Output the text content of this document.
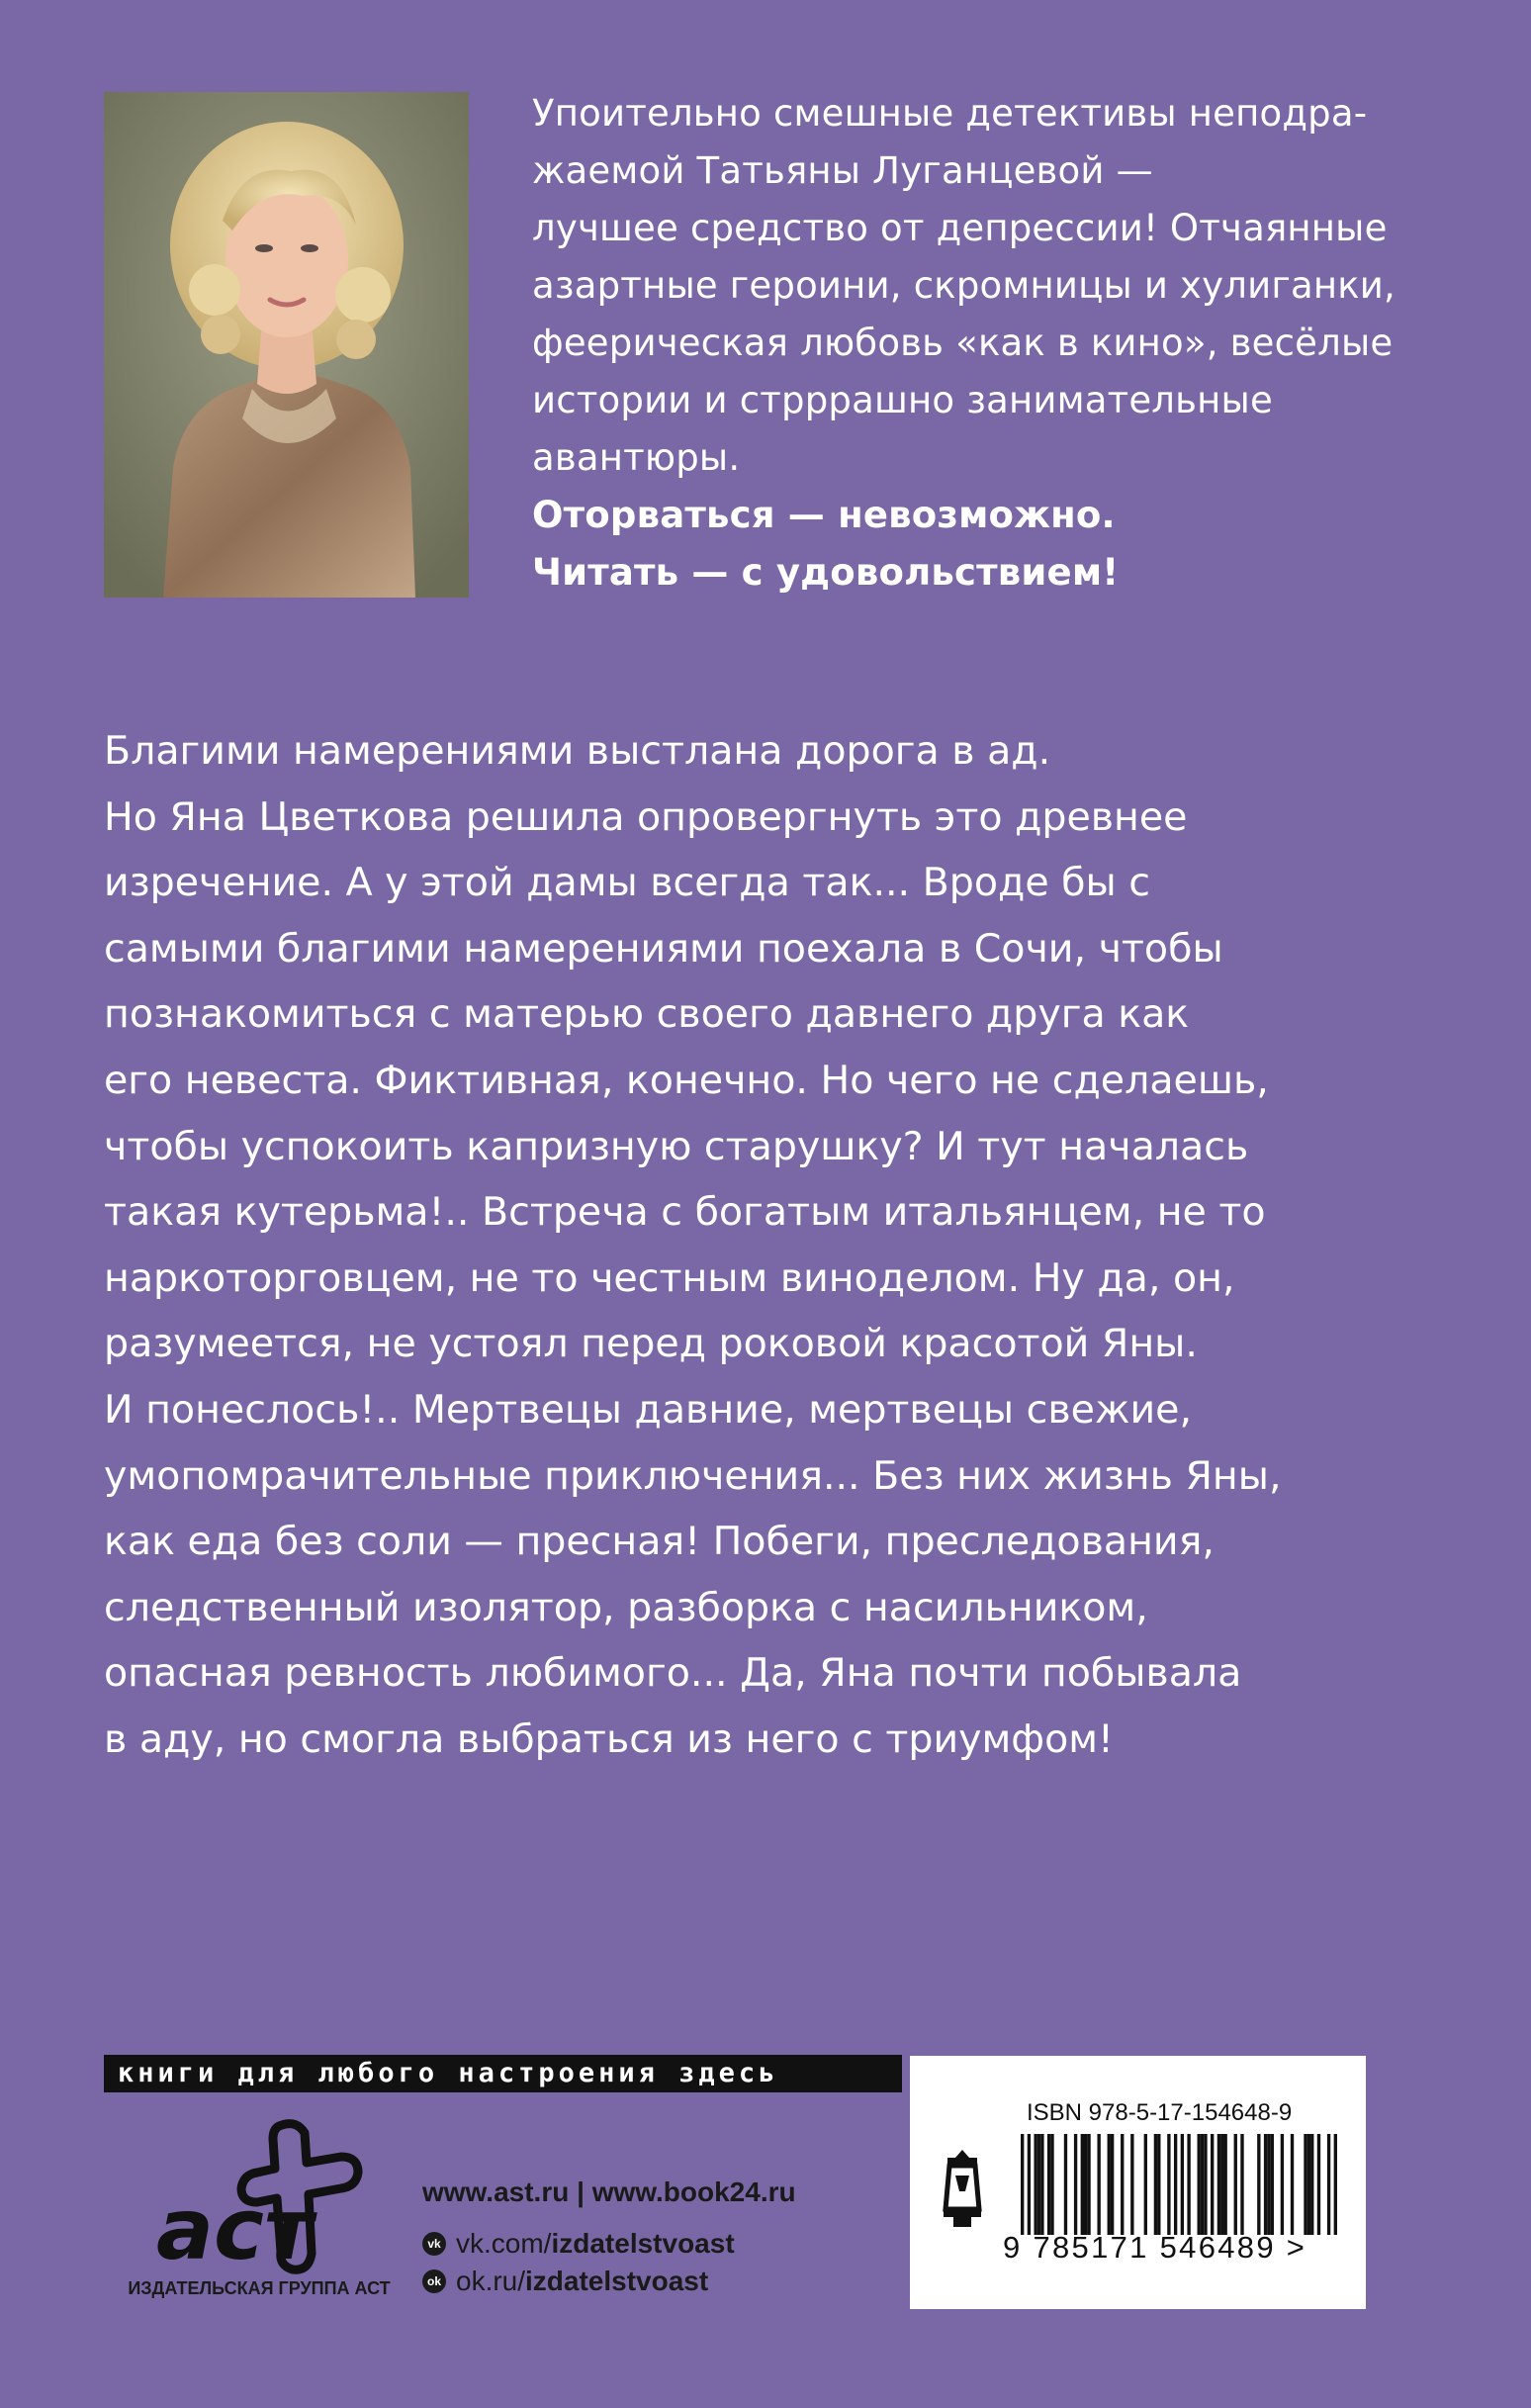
Упоительно смешные детективы неподра-

жаемой Татьяны Луганцевой —

лучшее средство от депрессии! Отчаянные

азартные героини, скромницы и хулиганки,

феерическая любовь «как в кино», весёлые

истории и стрррашно занимательные

авантюры.

Оторваться — невозможно.

Читать — с удовольствием!

Благими намерениями выстлана дорога в ад.
Но Яна Цветкова решила опровергнуть это древнее
изречение. А у этой дамы всегда так... Вроде бы с
самыми благими намерениями поехала в Сочи, чтобы
познакомиться с матерью своего давнего друга как
его невеста. Фиктивная, конечно. Но чего не сделаешь,
чтобы успокоить капризную старушку? И тут началась
такая кутерьма!.. Встреча с богатым итальянцем, не то
наркоторговцем, не то честным виноделом. Ну да, он,
разумеется, не устоял перед роковой красотой Яны.
И понеслось!.. Мертвецы давние, мертвецы свежие,
умопомрачительные приключения... Без них жизнь Яны,
как еда без соли — пресная! Побеги, преследования,
следственный изолятор, разборка с насильником,
опасная ревность любимого... Да, Яна почти побывала
в аду, но смогла выбраться из него с триумфом!
книги для любого настроения здесь
аст
ИЗДАТЕЛЬСКАЯ ГРУППА АСТ
www.ast.ru | www.book24.ru
vk vk.com/ izdatelstvoast
ok ok.ru/ izdatelstvoast
ISBN 978-5-17-154648-9
9 785171 546489 >
